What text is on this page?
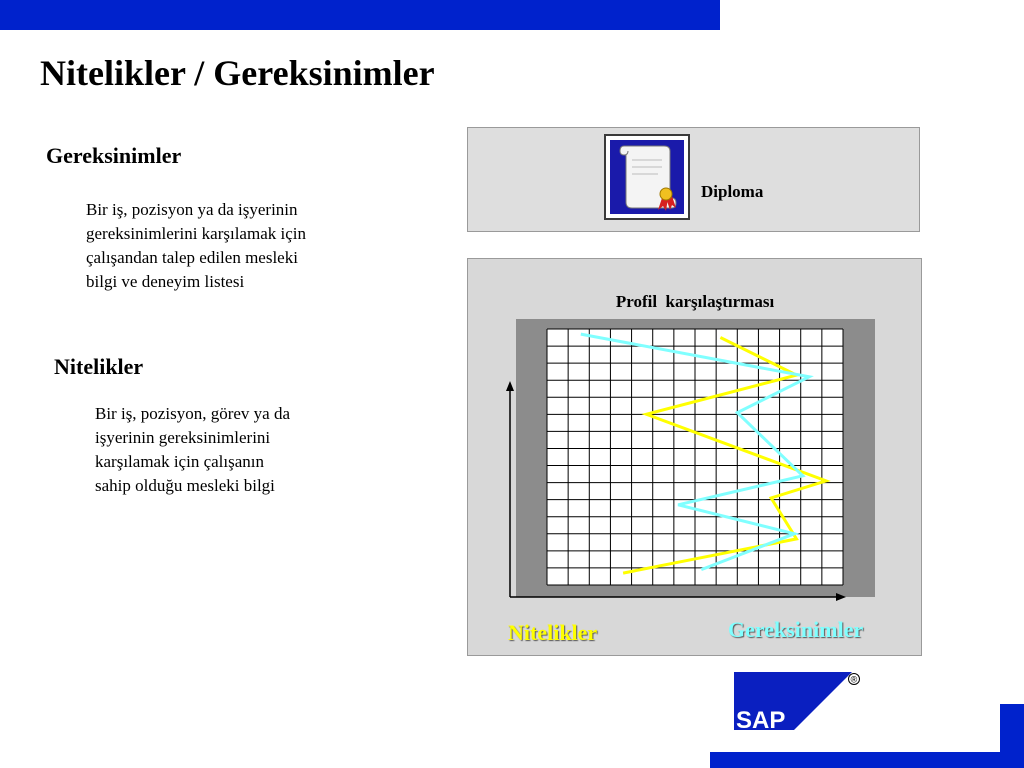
Nitelikler / Gereksinimler
Gereksinimler
Bir iş, pozisyon ya da işyerinin
gereksinimlerini karşılamak için
çalışandan talep edilen mesleki
bilgi ve deneyim listesi
Nitelikler
Bir iş, pozisyon, görev ya da
işyerinin gereksinimlerini
karşılamak için çalışanın
sahip olduğu mesleki bilgi
Diploma
Profil  karşılaştırması
Nitelikler	Gereksinimler
SAP
®
